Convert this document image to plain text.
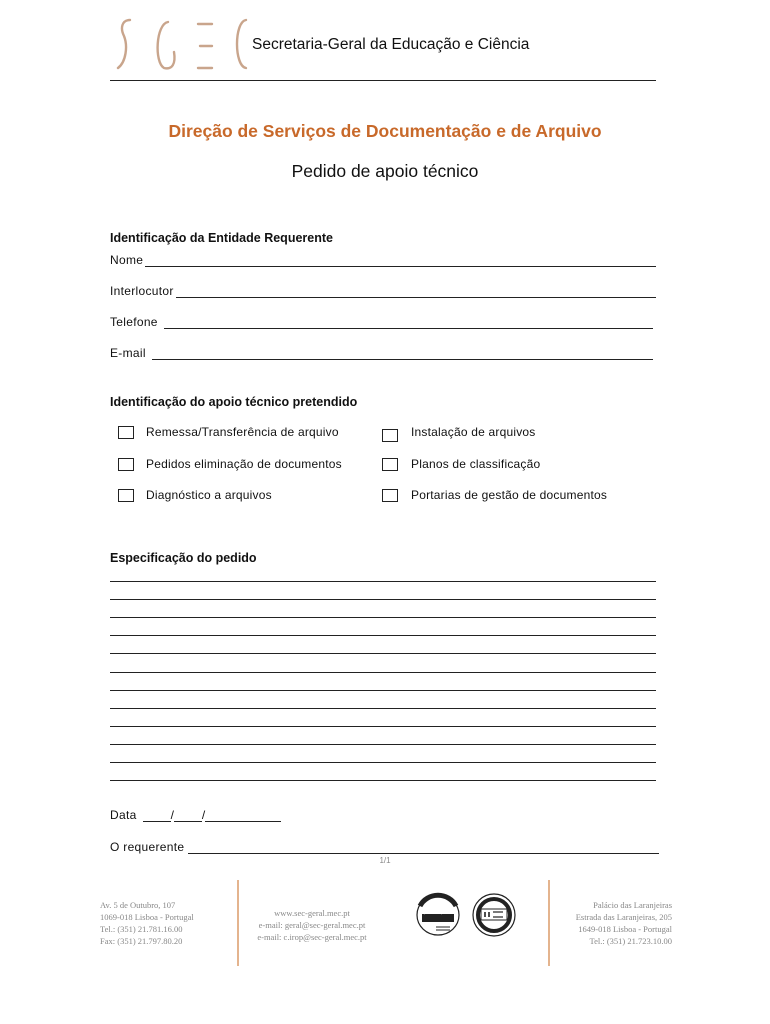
Secretaria-Geral da Educação e Ciência
Direção de Serviços de Documentação e de Arquivo
Pedido de apoio técnico
Identificação da Entidade Requerente
Nome
Interlocutor
Telefone
E-mail
Identificação do apoio técnico pretendido
Remessa/Transferência de arquivo
Pedidos eliminação de documentos
Diagnóstico a arquivos
Instalação de arquivos
Planos de classificação
Portarias de gestão de documentos
Especificação do pedido
Data	/ /
O requerente
1/1
Av. 5 de Outubro, 107
1069-018 Lisboa - Portugal
Tel.: (351) 21.781.16.00
Fax: (351) 21.797.80.20
www.sec-geral.mec.pt
e-mail: geral@sec-geral.mec.pt
e-mail: c.irop@sec-geral.mec.pt
Palácio das Laranjeiras
Estrada das Laranjeiras, 205
1649-018 Lisboa - Portugal
Tel.: (351) 21.723.10.00
